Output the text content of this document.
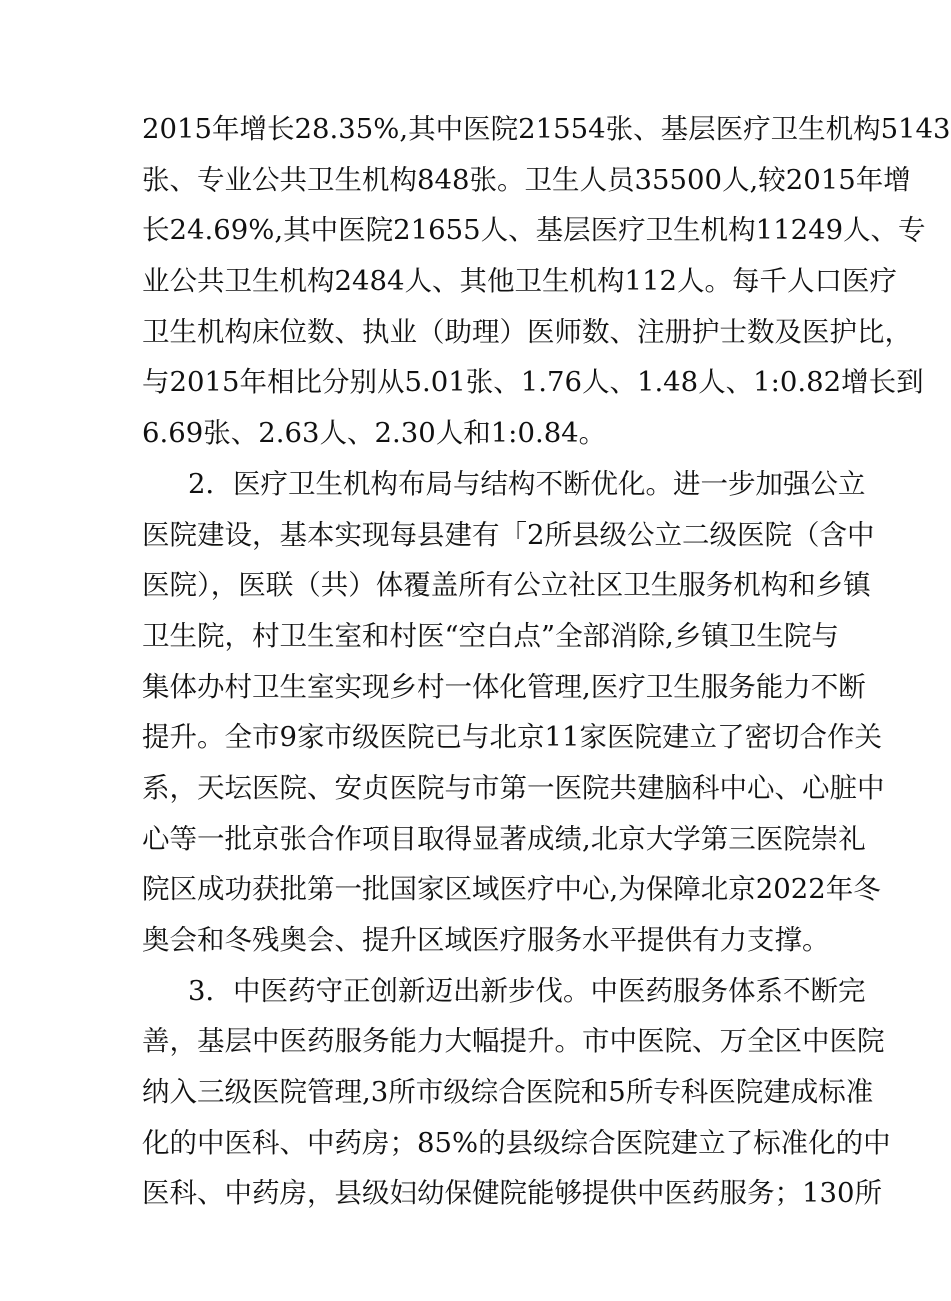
2015年增长28.35%,其中医院21554张、基层医疗卫生机构5143
张、专业公共卫生机构848张。卫生人员35500人,较2015年增
长24.69%,其中医院21655人、基层医疗卫生机构11249人、专
业公共卫生机构2484人、其他卫生机构112人。每千人口医疗
卫生机构床位数、执业（助理）医师数、注册护士数及医护比，
与2015年相比分别从5.01张、1.76人、1.48人、1:0.82增长到
6.69张、2.63人、2.30人和1:0.84。
2．医疗卫生机构布局与结构不断优化。进一步加强公立
医院建设，基本实现每县建有「2所县级公立二级医院（含中
医院），医联（共）体覆盖所有公立社区卫生服务机构和乡镇
卫生院，村卫生室和村医“空白点”全部消除,乡镇卫生院与
集体办村卫生室实现乡村一体化管理,医疗卫生服务能力不断
提升。全市9家市级医院已与北京11家医院建立了密切合作关
系，天坛医院、安贞医院与市第一医院共建脑科中心、心脏中
心等一批京张合作项目取得显著成绩,北京大学第三医院崇礼
院区成功获批第一批国家区域医疗中心,为保障北京2022年冬
奥会和冬残奥会、提升区域医疗服务水平提供有力支撑。
3．中医药守正创新迈出新步伐。中医药服务体系不断完
善，基层中医药服务能力大幅提升。市中医院、万全区中医院
纳入三级医院管理,3所市级综合医院和5所专科医院建成标准
化的中医科、中药房；85%的县级综合医院建立了标准化的中
医科、中药房，县级妇幼保健院能够提供中医药服务；130所
